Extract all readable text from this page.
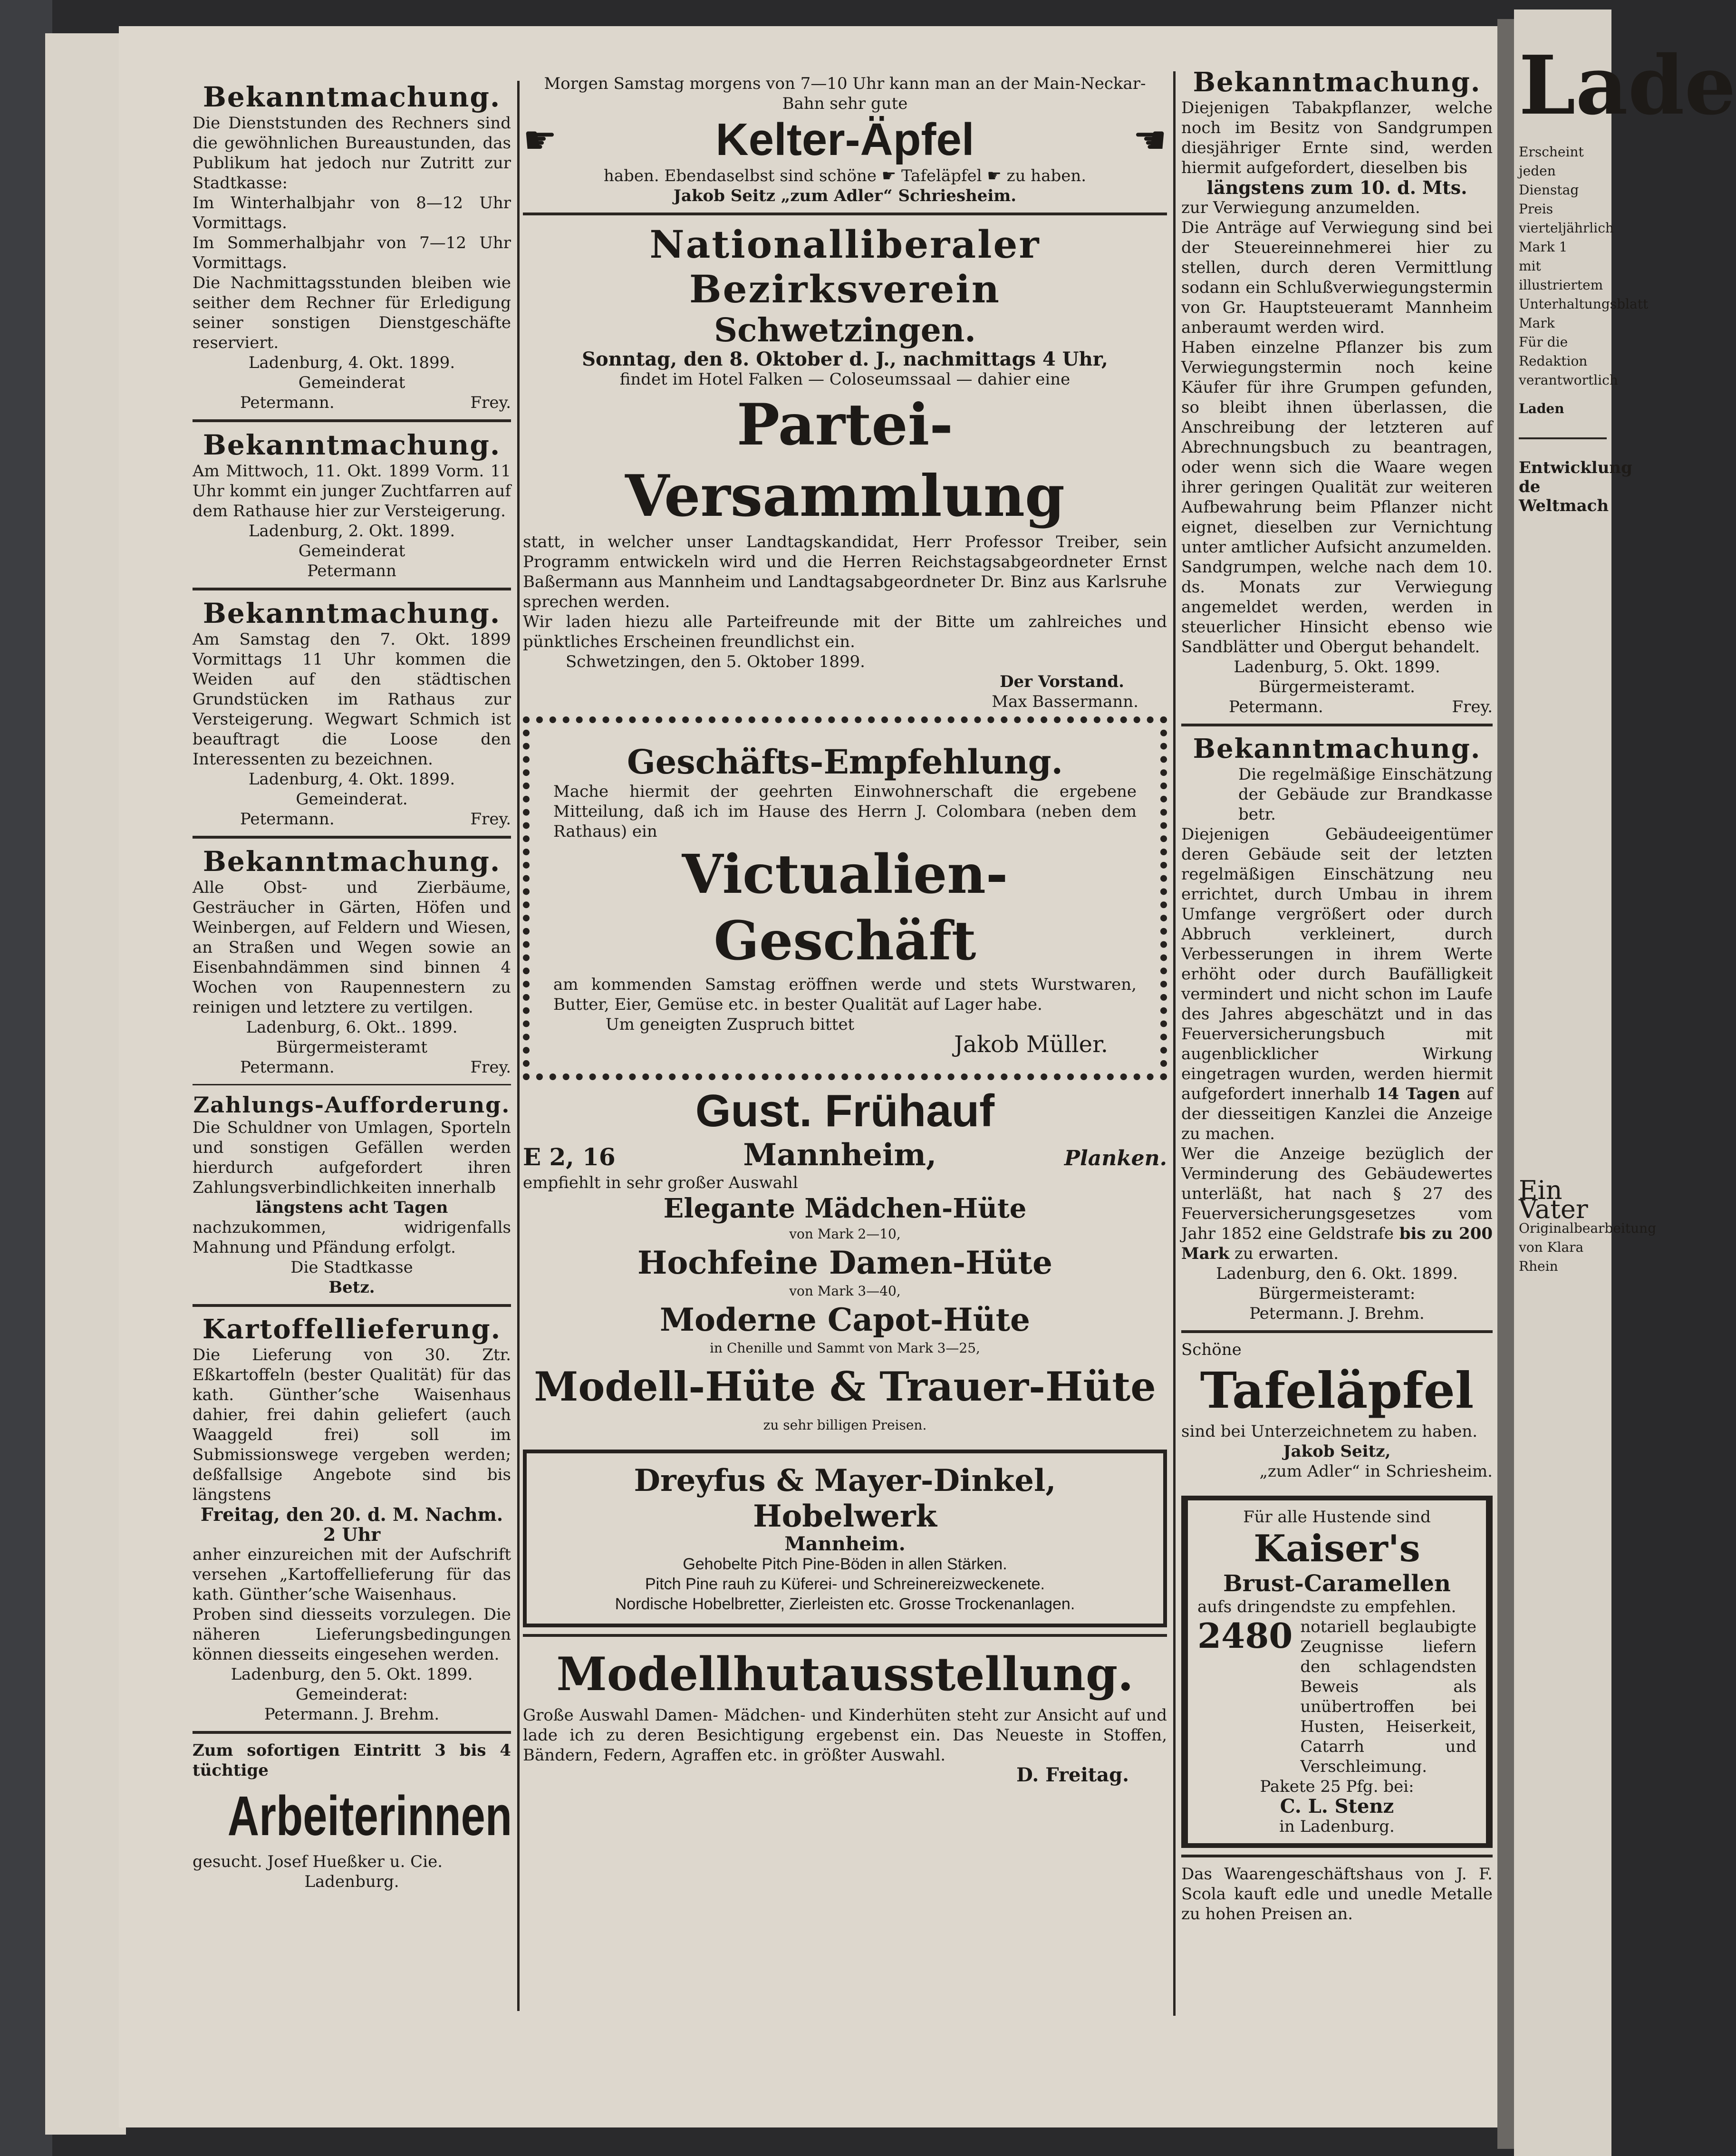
Bekanntmachung.
Die Dienststunden des Rechners sind die gewöhnlichen Bureaustunden, das Publikum hat jedoch nur Zutritt zur Stadtkasse:
Im Winterhalbjahr von 8—12 Uhr Vormittags.
Im Sommerhalbjahr von 7—12 Uhr Vormittags.
Die Nachmittagsstunden bleiben wie seither dem Rechner für Erledigung seiner sonstigen Dienstgeschäfte reserviert.
Ladenburg, 4. Okt. 1899.
Gemeinderat
Petermann.	Frey.
Bekanntmachung.
Am Mittwoch, 11. Okt. 1899 Vorm. 11 Uhr kommt ein junger Zuchtfarren auf dem Rathause hier zur Versteigerung.
Ladenburg, 2. Okt. 1899.
Gemeinderat
Petermann
Bekanntmachung.
Am Samstag den 7. Okt. 1899 Vormittags 11 Uhr kommen die Weiden auf den städtischen Grundstücken im Rathaus zur Versteigerung. Wegwart Schmich ist beauftragt die Loose den Interessenten zu bezeichnen.
Ladenburg, 4. Okt. 1899.
Gemeinderat.
Petermann.	Frey.
Bekanntmachung.
Alle Obst- und Zierbäume, Gesträucher in Gärten, Höfen und Weinbergen, auf Feldern und Wiesen, an Straßen und Wegen sowie an Eisenbahndämmen sind binnen 4 Wochen von Raupennestern zu reinigen und letztere zu vertilgen.
Ladenburg, 6. Okt.. 1899.
Bürgermeisteramt
Petermann.	Frey.
Zahlungs-Aufforderung.
Die Schuldner von Umlagen, Sporteln und sonstigen Gefällen werden hierdurch aufgefordert ihren Zahlungsverbindlichkeiten innerhalb
längstens acht Tagen
nachzukommen, widrigenfalls Mahnung und Pfändung erfolgt.
Die Stadtkasse
Betz.
Kartoffellieferung.
Die Lieferung von 30. Ztr. Eßkartoffeln (bester Qualität) für das kath. Güntherʼsche Waisenhaus dahier, frei dahin geliefert (auch Waaggeld frei) soll im Submissionswege vergeben werden; deßfallsige Angebote sind bis längstens
Freitag, den 20. d. M. Nachm. 2 Uhr
anher einzureichen mit der Aufschrift versehen „Kartoffellieferung für das kath. Güntherʼsche Waisenhaus.
Proben sind diesseits vorzulegen. Die näheren Lieferungsbedingungen können diesseits eingesehen werden.
Ladenburg, den 5. Okt. 1899.
Gemeinderat:
Petermann. J. Brehm.
Zum sofortigen Eintritt 3 bis 4 tüchtige
Arbeiterinnen
gesucht. Josef Hueßker u. Cie.
Ladenburg.
Morgen Samstag morgens von 7—10 Uhr kann man an der Main-Neckar-Bahn sehr gute
☛	Kelter-Äpfel	☚
haben. Ebendaselbst sind schöne ☛ Tafeläpfel ☛ zu haben.
Jakob Seitz „zum Adler“ Schriesheim.
Nationalliberaler Bezirksverein
Schwetzingen.
Sonntag, den 8. Oktober d. J., nachmittags 4 Uhr,
findet im Hotel Falken — Coloseumssaal — dahier eine
Partei-Versammlung
statt, in welcher unser Landtagskandidat, Herr Professor Treiber, sein Programm entwickeln wird und die Herren Reichstagsabgeordneter Ernst Baßermann aus Mannheim und Landtagsabgeordneter Dr. Binz aus Karlsruhe sprechen werden.
Wir laden hiezu alle Parteifreunde mit der Bitte um zahlreiches und pünktliches Erscheinen freundlichst ein.
Schwetzingen, den 5. Oktober 1899.
Der Vorstand.
Max Bassermann.
Geschäfts-Empfehlung.
Mache hiermit der geehrten Einwohnerschaft die ergebene Mitteilung, daß ich im Hause des Herrn J. Colombara (neben dem Rathaus) ein
Victualien-Geschäft
am kommenden Samstag eröffnen werde und stets Wurstwaren, Butter, Eier, Gemüse etc. in bester Qualität auf Lager habe.
Um geneigten Zuspruch bittet
Jakob Müller.
Gust. Frühauf
E 2, 16	Mannheim,	Planken.
empfiehlt in sehr großer Auswahl
Elegante Mädchen-Hüte
von Mark 2—10,
Hochfeine Damen-Hüte
von Mark 3—40,
Moderne Capot-Hüte
in Chenille und Sammt von Mark 3—25,
Modell-Hüte & Trauer-Hüte
zu sehr billigen Preisen.
Dreyfus & Mayer-Dinkel, Hobelwerk
Mannheim.
Gehobelte Pitch Pine-Böden in allen Stärken.
Pitch Pine rauh zu Küferei- und Schreinereizweckenete.
Nordische Hobelbretter, Zierleisten etc. Grosse Trockenanlagen.
Modellhutausstellung.
Große Auswahl Damen- Mädchen- und Kinderhüten steht zur Ansicht auf und lade ich zu deren Besichtigung ergebenst ein. Das Neueste in Stoffen, Bändern, Federn, Agraffen etc. in größter Auswahl.
D. Freitag.
Bekanntmachung.
Diejenigen Tabakpflanzer, welche noch im Besitz von Sandgrumpen diesjähriger Ernte sind, werden hiermit aufgefordert, dieselben bis
längstens zum 10. d. Mts.
zur Verwiegung anzumelden.
Die Anträge auf Verwiegung sind bei der Steuereinnehmerei hier zu stellen, durch deren Vermittlung sodann ein Schlußverwiegungstermin von Gr. Hauptsteueramt Mannheim anberaumt werden wird.
Haben einzelne Pflanzer bis zum Verwiegungstermin noch keine Käufer für ihre Grumpen gefunden, so bleibt ihnen überlassen, die Anschreibung der letzteren auf Abrechnungsbuch zu beantragen, oder wenn sich die Waare wegen ihrer geringen Qualität zur weiteren Aufbewahrung beim Pflanzer nicht eignet, dieselben zur Vernichtung unter amtlicher Aufsicht anzumelden.
Sandgrumpen, welche nach dem 10. ds. Monats zur Verwiegung angemeldet werden, werden in steuerlicher Hinsicht ebenso wie Sandblätter und Obergut behandelt.
Ladenburg, 5. Okt. 1899.
Bürgermeisteramt.
Petermann.	Frey.
Bekanntmachung.
Die regelmäßige Einschätzung der Gebäude zur Brandkasse betr.
Diejenigen Gebäudeeigentümer deren Gebäude seit der letzten regelmäßigen Einschätzung neu errichtet, durch Umbau in ihrem Umfange vergrößert oder durch Abbruch verkleinert, durch Verbesserungen in ihrem Werte erhöht oder durch Baufälligkeit vermindert und nicht schon im Laufe des Jahres abgeschätzt und in das Feuerversicherungsbuch mit augenblicklicher Wirkung eingetragen wurden, werden hiermit aufgefordert innerhalb 14 Tagen auf der diesseitigen Kanzlei die Anzeige zu machen.
Wer die Anzeige bezüglich der Verminderung des Gebäudewertes unterläßt, hat nach § 27 des Feuerversicherungsgesetzes vom Jahr 1852 eine Geldstrafe bis zu 200 Mark zu erwarten.
Ladenburg, den 6. Okt. 1899.
Bürgermeisteramt:
Petermann. J. Brehm.
Schöne
Tafeläpfel
sind bei Unterzeichnetem zu haben.
Jakob Seitz,
„zum Adler“ in Schriesheim.
Für alle Hustende sind
Kaiser's
Brust-Caramellen
aufs dringendste zu empfehlen.
2480 notariell beglaubigte Zeugnisse liefern den schlagendsten Beweis als unübertroffen bei Husten, Heiserkeit, Catarrh und Verschleimung.
Pakete 25 Pfg. bei:
C. L. Stenz
in Ladenburg.
Das Waarengeschäftshaus von J. F. Scola kauft edle und unedle Metalle zu hohen Preisen an.
Lade
Erscheint jeden Dienstag
Preis vierteljährlich Mark 1
mit illustriertem Unterhaltungsblatt Mark
Für die Redaktion verantwortlich
Laden
Entwicklung de
Weltmach
Ein Vater
Originalbearbeitung
von Klara Rhein
